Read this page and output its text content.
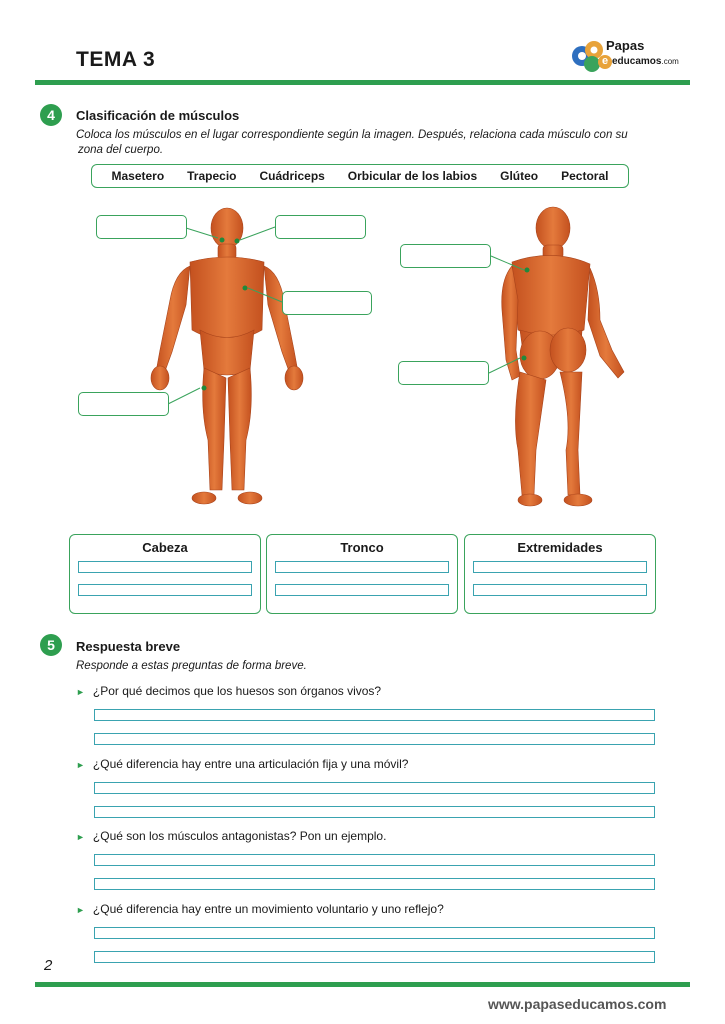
TEMA 3
Papas
e educamos.com
4	Clasificación de músculos
Coloca los músculos en el lugar correspondiente según la imagen. Después, relaciona cada músculo con su
zona del cuerpo.
Masetero Trapecio Cuádriceps Orbicular de los labios Glúteo Pectoral
Cabeza	Tronco	Extremidades
5	Respuesta breve
Responde a estas preguntas de forma breve.
► ¿Por qué decimos que los huesos son órganos vivos?
► ¿Qué diferencia hay entre una articulación fija y una móvil?
► ¿Qué son los músculos antagonistas? Pon un ejemplo.
► ¿Qué diferencia hay entre un movimiento voluntario y uno reflejo?
2
www.papaseducamos.com
